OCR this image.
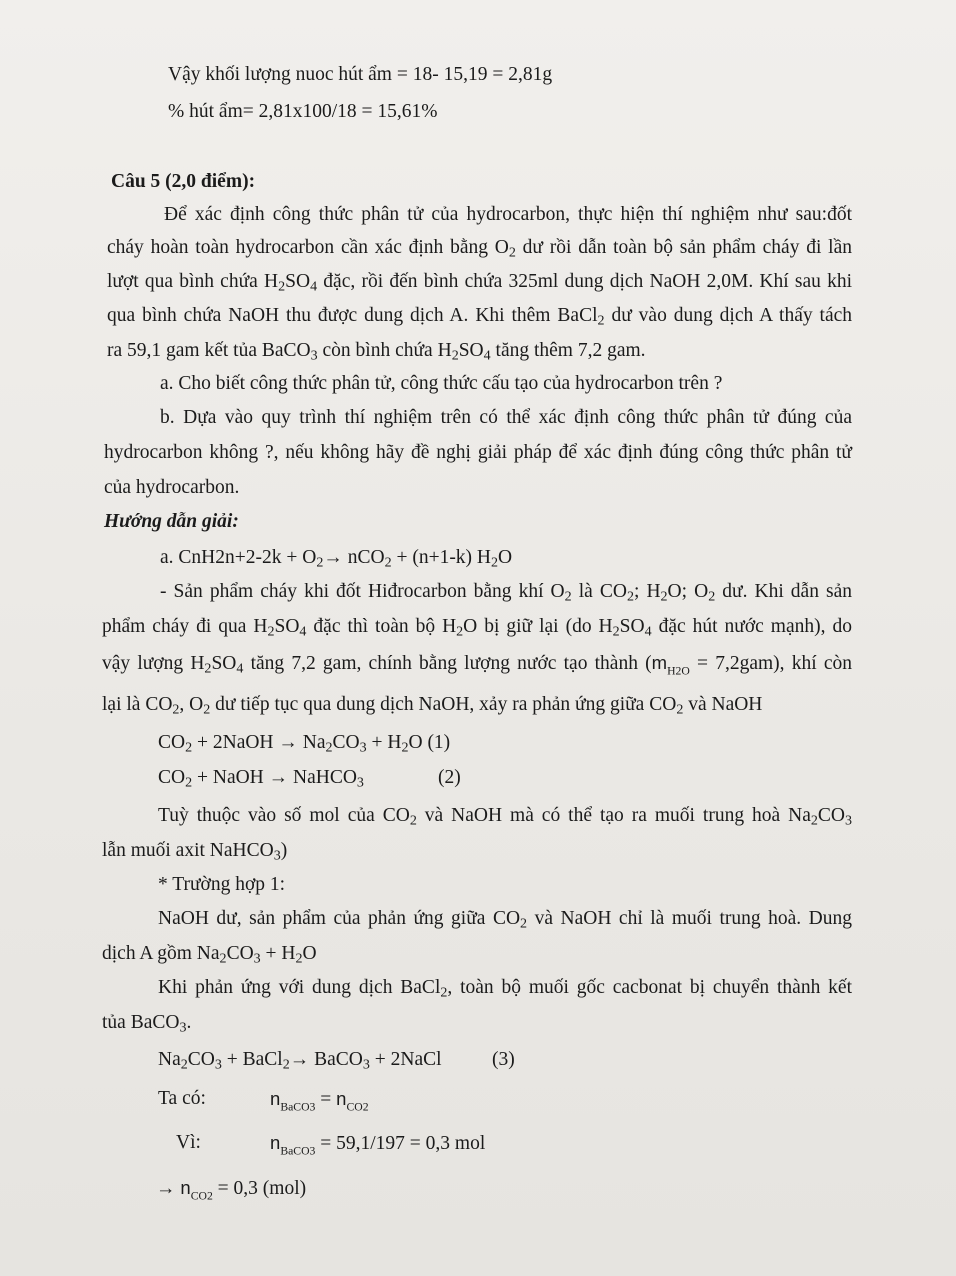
Vậy khối lượng nuoc hút ẩm = 18- 15,19 = 2,81g
% hút ẩm= 2,81x100/18 = 15,61%
Câu 5 (2,0 điểm):
Để xác định công thức phân tử của hydrocarbon, thực hiện thí nghiệm như sau:đốt
cháy hoàn toàn hydrocarbon cần xác định bằng $O_2$ dư rồi dẫn toàn bộ sản phẩm cháy đi lần
lượt qua bình chứa $H_2SO_4$ đặc, rồi đến bình chứa 325ml dung dịch NaOH 2,0M. Khí sau khi
qua bình chứa NaOH thu được dung dịch A. Khi thêm BaCl$_2$ dư vào dung dịch A thấy tách
ra 59,1 gam kết tủa BaCO$_3$ còn bình chứa $H_2SO_4$ tăng thêm 7,2 gam.
a. Cho biết công thức phân tử, công thức cấu tạo của hydrocarbon trên ?
b. Dựa vào quy trình thí nghiệm trên có thể xác định công thức phân tử đúng của
hydrocarbon không ?, nếu không hãy đề nghị giải pháp để xác định đúng công thức phân tử
của hydrocarbon.
Hướng dẫn giải:
a. $CnH2n+2-2k + O_2\to nCO_2 + (n+1-k)$ $H_2O$
- Sản phẩm cháy khi đốt Hiđrocarbon bằng khí $O_2$ là $CO_2$; $H_2O$; $O_2$ dư. Khi dẫn sản
phẩm cháy đi qua $H_2SO_4$ đặc thì toàn bộ $H_2O$ bị giữ lại (do $H_2SO_4$ đặc hút nước mạnh), do
vậy lượng $H_2SO_4$ tăng 7,2 gam, chính bằng lượng nước tạo thành $(m_{H2O} = 7,2gam)$, khí còn
lại là $CO_2$, $O_2$ dư tiếp tục qua dung dịch NaOH, xảy ra phản ứng giữa $CO_2$ và NaOH
$CO_2$ + 2NaOH → $Na_2CO_3 + H_2O$ (1)
$CO_2$ + NaOH → NaHCO$_3$	(2)
Tuỳ thuộc vào số mol của $CO_2$ và NaOH mà có thể tạo ra muối trung hoà $Na_2CO_3$
lẫn muối axit NaHCO$_3$)
* Trường hợp 1:
NaOH dư, sản phẩm của phản ứng giữa $CO_2$ và NaOH chỉ là muối trung hoà. Dung
dịch A gồm $Na_2CO_3 + H_2O$
Khi phản ứng với dung dịch BaCl$_2$, toàn bộ muối gốc cacbonat bị chuyển thành kết
tủa BaCO$_3$.
$Na_2CO_3$ + BaCl$_2$→ BaCO$_3$ + 2NaCl	(3)
Ta có:	$n_{BaCO3} = n_{CO2}$
Vì:	$n_{BaCO3} = 59,1/197 = 0,3$ mol
→ $n_{CO2} = 0,3$ (mol)
